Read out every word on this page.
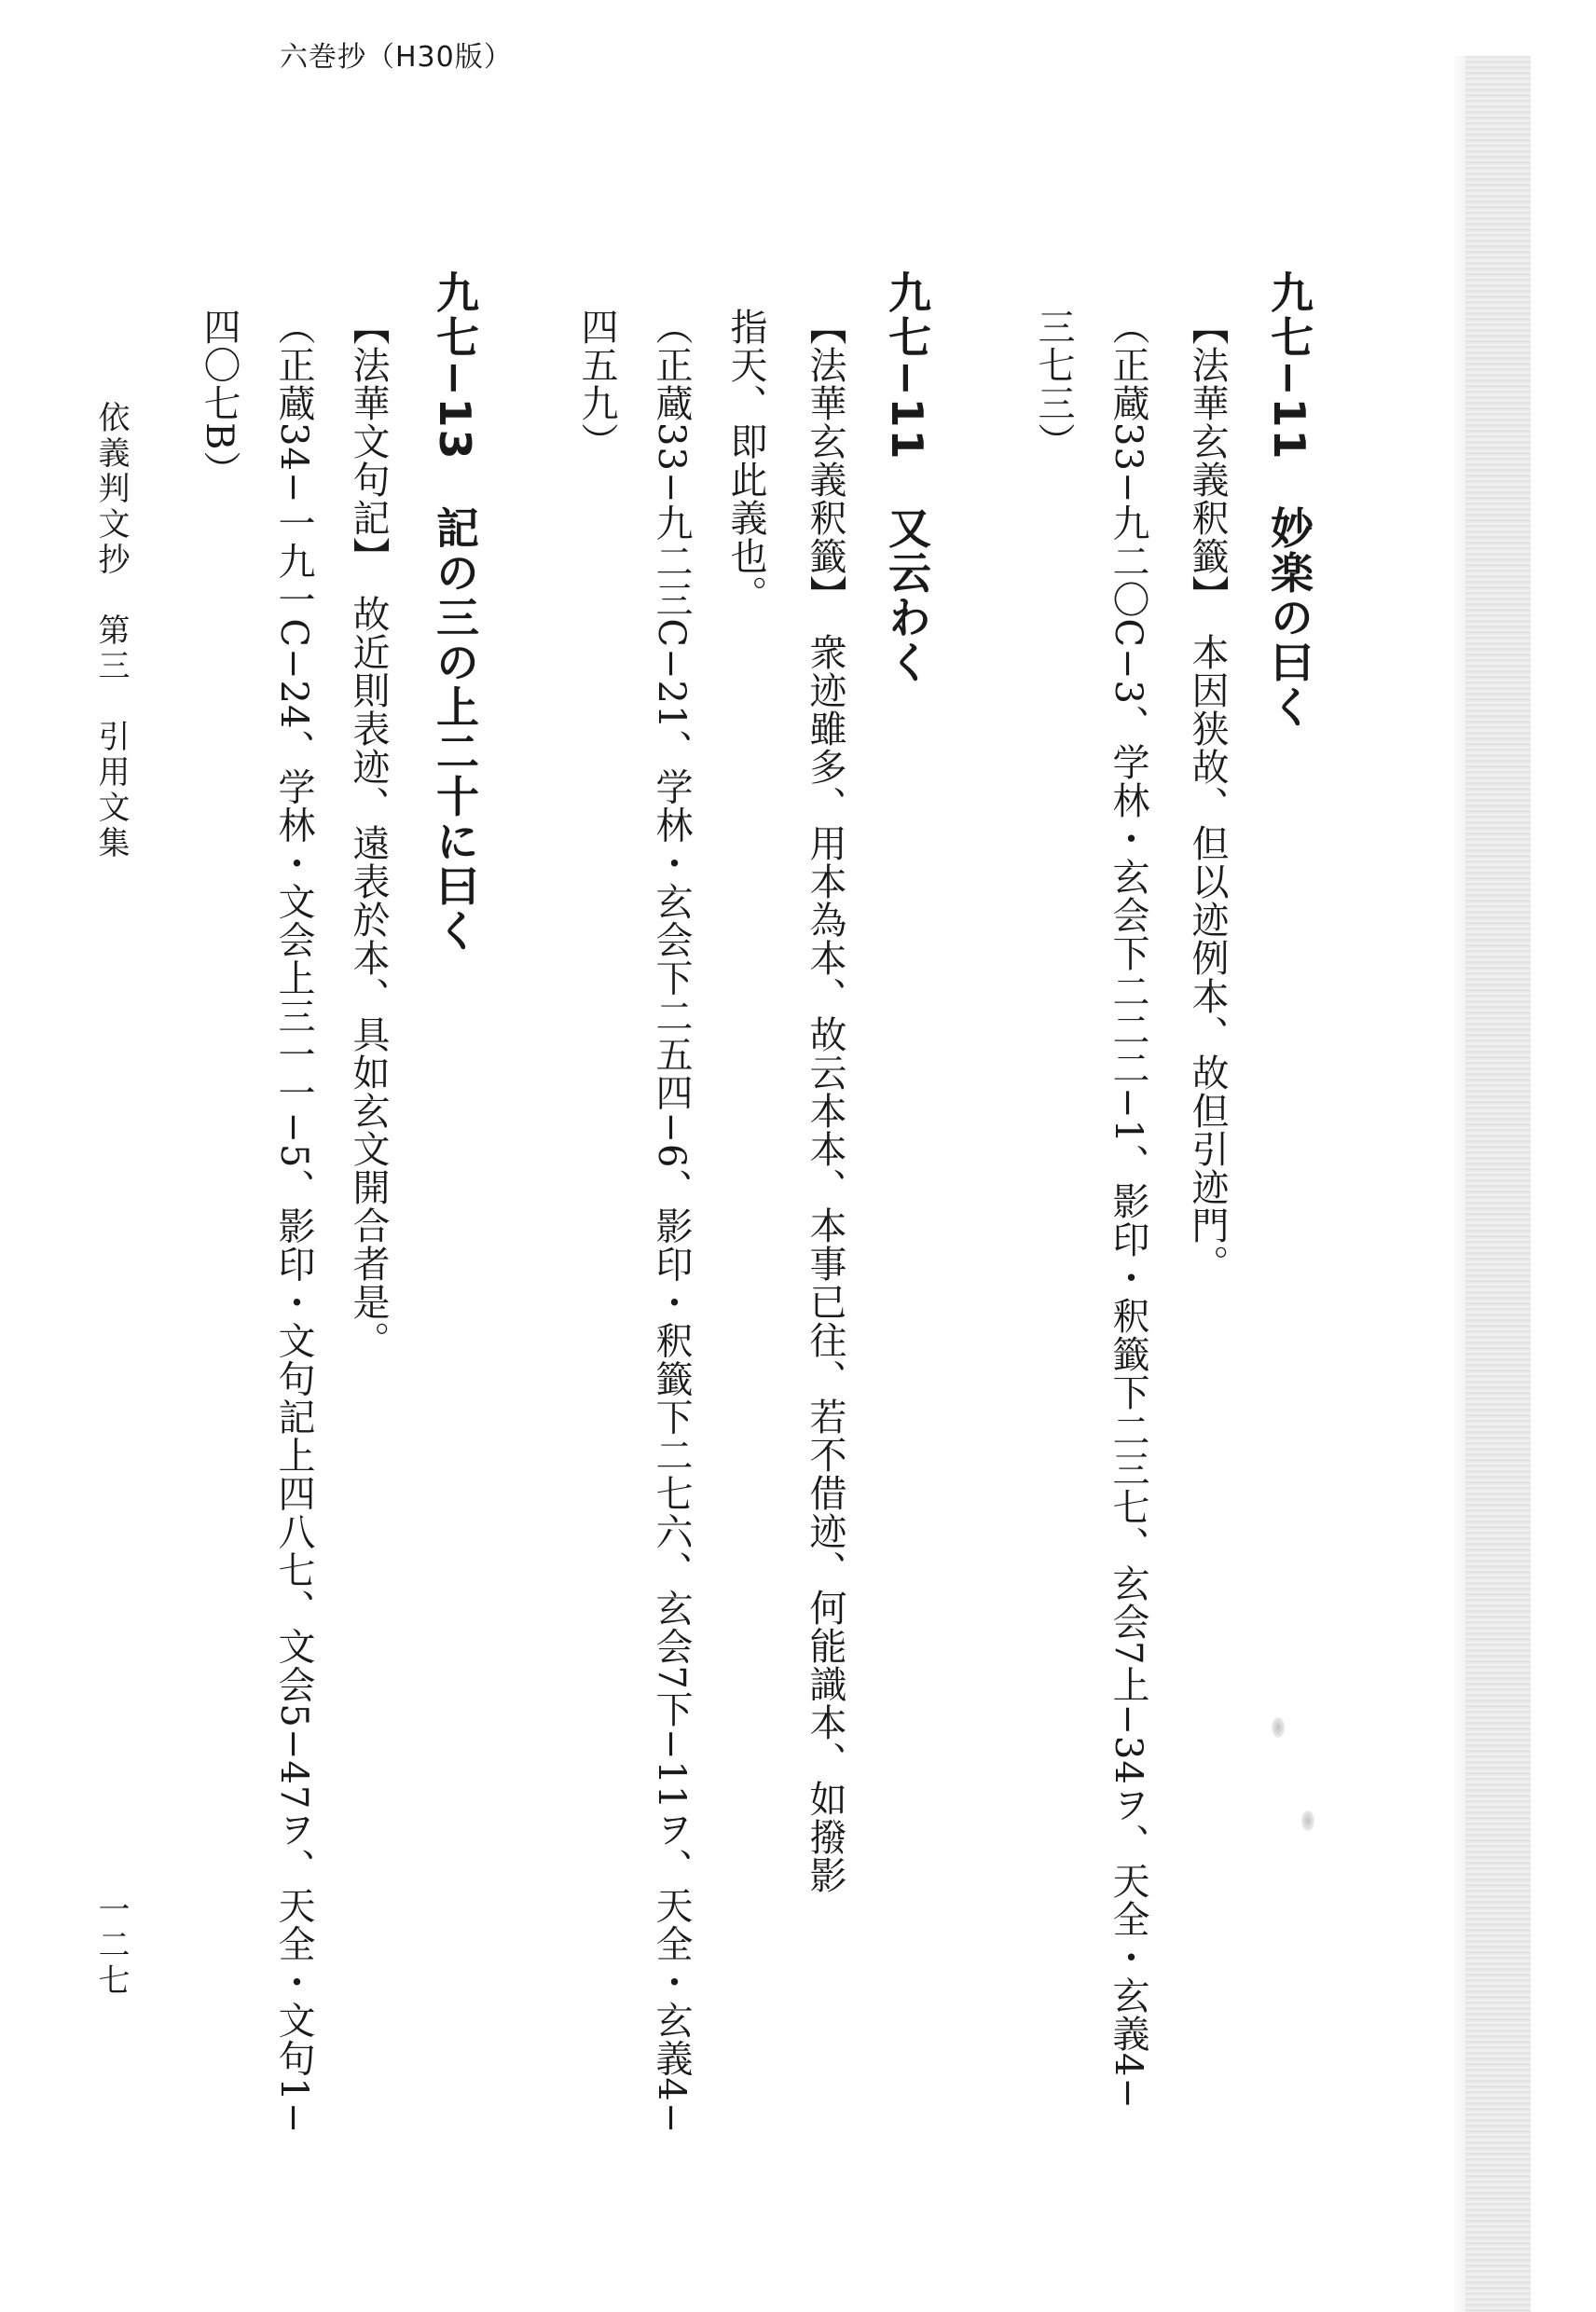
六巻抄（H30版）
九七−11　妙楽の曰く
【法華玄義釈籤】　本因狭故、但以迹例本、故但引迹門。
（正蔵33−九二〇C−3、学林・玄会下二二二−1、影印・釈籤下二三七、玄会7上−34ヲ、天全・玄義4−
三七三）
九七−11　又云わく
【法華玄義釈籤】　衆迹雖多、用本為本、故云本本、本事已往、若不借迹、何能識本、如撥影
指天、即此義也。
（正蔵33−九二三C−21、学林・玄会下二五四−6、影印・釈籤下二七六、玄会7下−11ヲ、天全・玄義4−
四五九）
九七−13　記の三の上二十に曰く
【法華文句記】　故近則表迹、遠表於本、具如玄文開合者是。
（正蔵34−一九一C−24、学林・文会上三一一−5、影印・文句記上四八七、文会5−47ヲ、天全・文句1−
四〇七B）
依義判文抄　第三　引用文集
一二七
